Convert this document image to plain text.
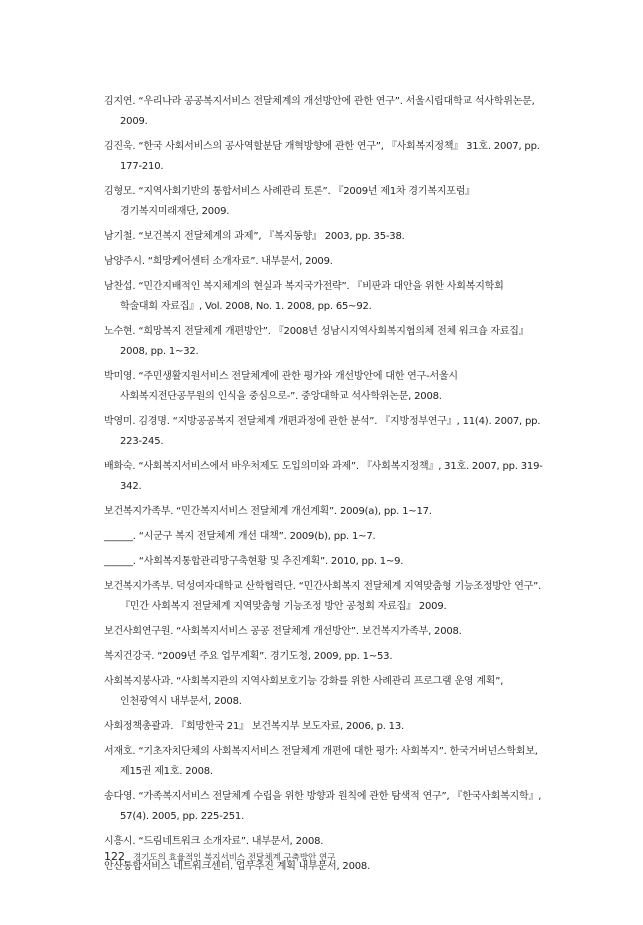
김지연. “우리나라 공공복지서비스 전달체계의 개선방안에 관한 연구”. 서울시립대학교 석사학위논문, 2009.

김진욱. “한국 사회서비스의 공사역할분담 개혁방향에 관한 연구”, 『사회복지정책』 31호. 2007, pp. 177-210.

김형모. “지역사회기반의 통합서비스 사례관리 토론”. 『2009년 제1차 경기복지포럼』 경기복지미래재단, 2009.

남기철. “보건복지 전달체계의 과제”, 『복지동향』 2003, pp. 35-38.

남양주시. “희망케어센터 소개자료”. 내부문서, 2009.

남찬섭. “민간지배적인 복지체계의 현실과 복지국가전략”. 『비판과 대안을 위한 사회복지학회 학술대회 자료집』, Vol. 2008, No. 1. 2008, pp. 65~92.

노수현. “희망복지 전달체계 개편방안”. 『2008년 성남시지역사회복지협의체 전체 워크숍 자료집』 2008, pp. 1~32.

박미영. “주민생활지원서비스 전달체계에 관한 평가와 개선방안에 대한 연구-서울시 사회복지전단공무원의 인식을 중심으로-”. 중앙대학교 석사학위논문, 2008.

박영미. 김경명. “지방공공복지 전달체계 개편과정에 관한 분석”. 『지방정부연구』, 11(4). 2007, pp. 223-245.

배화숙. “사회복지서비스에서 바우처제도 도입의미와 과제”. 『사회복지정책』, 31호. 2007, pp. 319-342.

보건복지가족부. “민간복지서비스 전달체계 개선계획”. 2009(a), pp. 1~17.

______. “시군구 복지 전달체계 개선 대책”. 2009(b), pp. 1~7.

______. “사회복지통합관리망구축현황 및 추진계획”. 2010, pp. 1~9.

보건복지가족부. 덕성여자대학교 산학협력단. “민간사회복지 전달체계 지역맞춤형 기능조정방안 연구”. 『민간 사회복지 전달체계 지역맞춤형 기능조정 방안 공청회 자료집』 2009.

보건사회연구원. “사회복지서비스 공공 전달체계 개선방안”. 보건복지가족부, 2008.

복지건강국. “2009년 주요 업무계획”. 경기도청, 2009, pp. 1~53.

사회복지봉사과. “사회복지관의 지역사회보호기능 강화를 위한 사례관리 프로그램 운영 계획”, 인천광역시 내부문서, 2008.

사회정책총괄과. 『희망한국 21』 보건복지부 보도자료, 2006, p. 13.

서재호. “기초자치단체의 사회복지서비스 전달체계 개편에 대한 평가: 사회복지”. 한국거버넌스학회보, 제15권 제1호. 2008.

송다영. “가족복지서비스 전달체계 수립을 위한 방향과 원칙에 관한 탐색적 연구”, 『한국사회복지학』, 57(4). 2005, pp. 225-251.

시흥시. “드림네트워크 소개자료”. 내부문서, 2008.

안산통합서비스 네트워크센터. 업무추진 계획 내부문서, 2008.

122 경기도의 효율적인 복지서비스 전달체계 구축방안 연구
